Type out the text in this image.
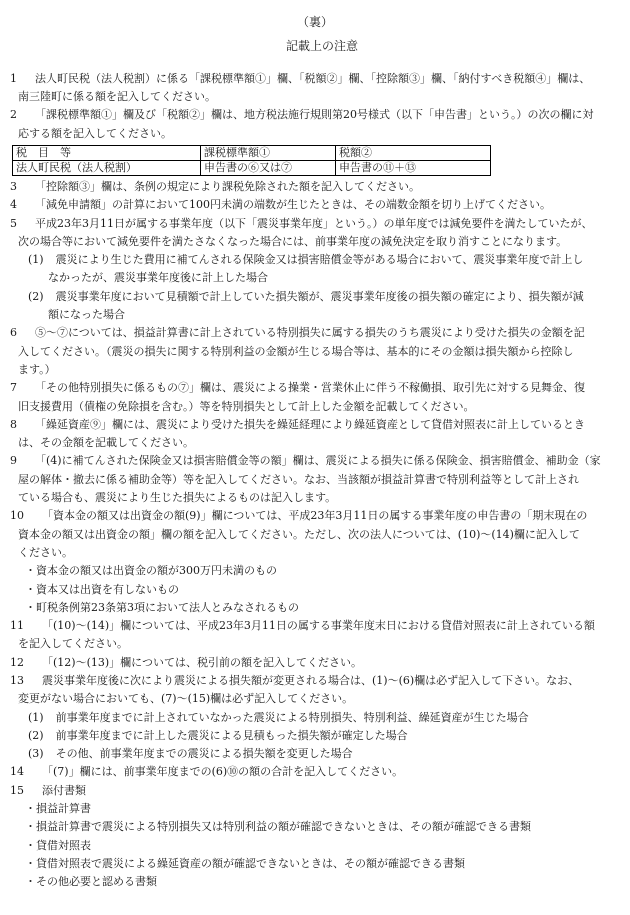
（裏）
記載上の注意
1 法人町民税（法人税割）に係る「課税標準額①」欄、「税額②」欄、「控除額③」欄、「納付すべき税額④」欄は、
南三陸町に係る額を記入してください。
2 「課税標準額①」欄及び「税額②」欄は、地方税法施行規則第20号様式（以下「申告書」という。）の次の欄に対
応する額を記入してください。
税　目　等	課税標準額①	税額②
法人町民税（法人税割）	申告書の⑥又は⑦	申告書の⑪＋⑬
3 「控除額③」欄は、条例の規定により課税免除された額を記入してください。
4 「減免申請額」の計算において100円未満の端数が生じたときは、その端数金額を切り上げてください。
5 平成23年3月11日が属する事業年度（以下「震災事業年度」という。）の単年度では減免要件を満たしていたが、
次の場合等において減免要件を満たさなくなった場合には、前事業年度の減免決定を取り消すことになります。
(1) 震災により生じた費用に補てんされる保険金又は損害賠償金等がある場合において、震災事業年度で計上し
なかったが、震災事業年度後に計上した場合
(2) 震災事業年度において見積額で計上していた損失額が、震災事業年度後の損失額の確定により、損失額が減
額になった場合
6 ⑤～⑦については、損益計算書に計上されている特別損失に属する損失のうち震災により受けた損失の金額を記
入してください。（震災の損失に関する特別利益の金額が生じる場合等は、基本的にその金額は損失額から控除し
ます。）
7 「その他特別損失に係るもの⑦」欄は、震災による操業・営業休止に伴う不稼働損、取引先に対する見舞金、復
旧支援費用（債権の免除損を含む。）等を特別損失として計上した金額を記載してください。
8 「繰延資産⑨」欄には、震災により受けた損失を繰延経理により繰延資産として貸借対照表に計上しているとき
は、その金額を記載してください。
9 「(4)に補てんされた保険金又は損害賠償金等の額」欄は、震災による損失に係る保険金、損害賠償金、補助金（家
屋の解体・撤去に係る補助金等）等を記入してください。なお、当該額が損益計算書で特別利益等として計上され
ている場合も、震災により生じた損失によるものは記入します。
10 「資本金の額又は出資金の額(9)」欄については、平成23年3月11日の属する事業年度の申告書の「期末現在の
資本金の額又は出資金の額」欄の額を記入してください。ただし、次の法人については、(10)～(14)欄に記入して
ください。
・資本金の額又は出資金の額が300万円未満のもの
・資本又は出資を有しないもの
・町税条例第23条第3項において法人とみなされるもの
11 「(10)～(14)」欄については、平成23年3月11日の属する事業年度末日における貸借対照表に計上されている額
を記入してください。
12 「(12)～(13)」欄については、税引前の額を記入してください。
13 震災事業年度後に次により震災による損失額が変更される場合は、(1)～(6)欄は必ず記入して下さい。なお、
変更がない場合においても、(7)～(15)欄は必ず記入してください。
(1) 前事業年度までに計上されていなかった震災による特別損失、特別利益、繰延資産が生じた場合
(2) 前事業年度までに計上した震災による見積もった損失額が確定した場合
(3) その他、前事業年度までの震災による損失額を変更した場合
14 「(7)」欄には、前事業年度までの(6)⑩の額の合計を記入してください。
15 添付書類
・損益計算書
・損益計算書で震災による特別損失又は特別利益の額が確認できないときは、その額が確認できる書類
・貸借対照表
・貸借対照表で震災による繰延資産の額が確認できないときは、その額が確認できる書類
・その他必要と認める書類
